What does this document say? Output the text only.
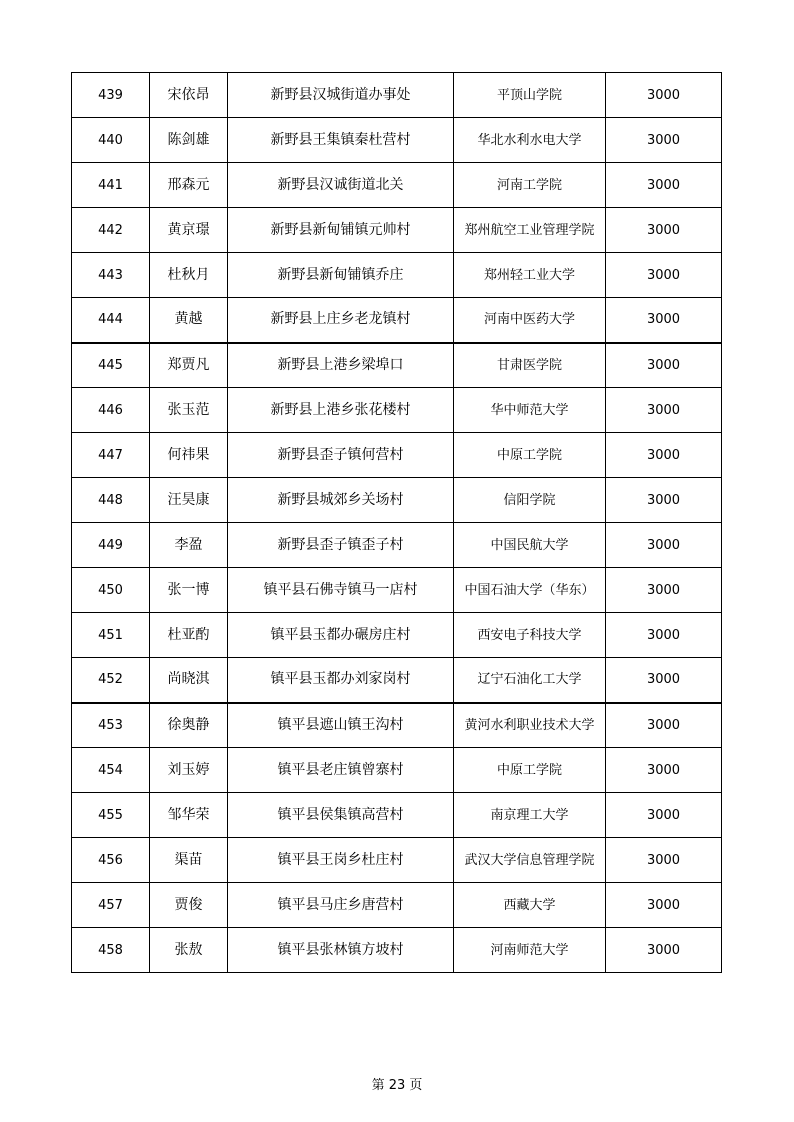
439	宋依昂	新野县汉城街道办事处	平顶山学院	3000
440	陈剑雄	新野县王集镇秦杜营村	华北水利水电大学	3000
441	邢森元	新野县汉诚街道北关	河南工学院	3000
442	黄京璟	新野县新甸铺镇元帅村	郑州航空工业管理学院	3000
443	杜秋月	新野县新甸铺镇乔庄	郑州轻工业大学	3000
444	黄越	新野县上庄乡老龙镇村	河南中医药大学	3000
445	郑贾凡	新野县上港乡梁埠口	甘肃医学院	3000
446	张玉范	新野县上港乡张花楼村	华中师范大学	3000
447	何祎果	新野县歪子镇何营村	中原工学院	3000
448	汪昊康	新野县城郊乡关场村	信阳学院	3000
449	李盈	新野县歪子镇歪子村	中国民航大学	3000
450	张一博	镇平县石佛寺镇马一店村	中国石油大学（华东）	3000
451	杜亚酌	镇平县玉都办碾房庄村	西安电子科技大学	3000
452	尚晓淇	镇平县玉都办刘家岗村	辽宁石油化工大学	3000
453	徐奥静	镇平县遮山镇王沟村	黄河水利职业技术大学	3000
454	刘玉婷	镇平县老庄镇曾寨村	中原工学院	3000
455	邹华荣	镇平县侯集镇高营村	南京理工大学	3000
456	渠苗	镇平县王岗乡杜庄村	武汉大学信息管理学院	3000
457	贾俊	镇平县马庄乡唐营村	西藏大学	3000
458	张敖	镇平县张林镇方坡村	河南师范大学	3000
第 23 页
